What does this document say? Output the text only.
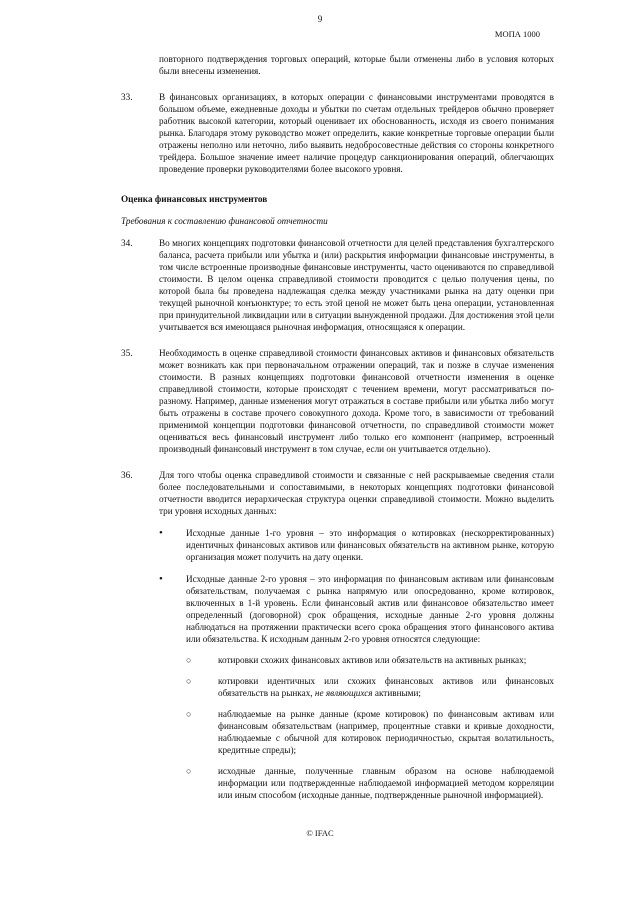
9
МОПА 1000

повторного подтверждения торговых операций, которые были отменены либо в условия которых были внесены изменения.

33.	В финансовых организациях, в которых операции с финансовыми инструментами проводятся в большом объеме, ежедневные доходы и убытки по счетам отдельных трейдеров обычно проверяет работник высокой категории, который оценивает их обоснованность, исходя из своего понимания рынка. Благодаря этому руководство может определить, какие конкретные торговые операции были отражены неполно или неточно, либо выявить недобросовестные действия со стороны конкретного трейдера. Большое значение имеет наличие процедур санкционирования операций, облегчающих проведение проверки руководителями более высокого уровня.
Оценка финансовых инструментов
Требования к составлению финансовой отчетности
34.	Во многих концепциях подготовки финансовой отчетности для целей представления бухгалтерского баланса, расчета прибыли или убытка и (или) раскрытия информации финансовые инструменты, в том числе встроенные производные финансовые инструменты, часто оцениваются по справедливой стоимости. В целом оценка справедливой стоимости проводится с целью получения цены, по которой была бы проведена надлежащая сделка между участниками рынка на дату оценки при текущей рыночной конъюнктуре; то есть этой ценой не может быть цена операции, установленная при принудительной ликвидации или в ситуации вынужденной продажи. Для достижения этой цели учитывается вся имеющаяся рыночная информация, относящаяся к операции.
35.	Необходимость в оценке справедливой стоимости финансовых активов и финансовых обязательств может возникать как при первоначальном отражении операций, так и позже в случае изменения стоимости. В разных концепциях подготовки финансовой отчетности изменения в оценке справедливой стоимости, которые происходят с течением времени, могут рассматриваться по-разному. Например, данные изменения могут отражаться в составе прибыли или убытка либо могут быть отражены в составе прочего совокупного дохода. Кроме того, в зависимости от требований применимой концепции подготовки финансовой отчетности, по справедливой стоимости может оцениваться весь финансовый инструмент либо только его компонент (например, встроенный производный финансовый инструмент в том случае, если он учитывается отдельно).
36.	Для того чтобы оценка справедливой стоимости и связанные с ней раскрываемые сведения стали более последовательными и сопоставимыми, в некоторых концепциях подготовки финансовой отчетности вводится иерархическая структура оценки справедливой стоимости. Можно выделить три уровня исходных данных:
•	Исходные данные 1-го уровня – это информация о котировках (нескорректированных) идентичных финансовых активов или финансовых обязательств на активном рынке, которую организация может получить на дату оценки.
•	Исходные данные 2-го уровня – это информация по финансовым активам или финансовым обязательствам, получаемая с рынка напрямую или опосредованно, кроме котировок, включенных в 1-й уровень. Если финансовый актив или финансовое обязательство имеет определенный (договорной) срок обращения, исходные данные 2-го уровня должны наблюдаться на протяжении практически всего срока обращения этого финансового актива или обязательства. К исходным данным 2-го уровня относятся следующие:
○	котировки схожих финансовых активов или обязательств на активных рынках;
○	котировки идентичных или схожих финансовых активов или финансовых обязательств на рынках, не являющихся активными;
○	наблюдаемые на рынке данные (кроме котировок) по финансовым активам или финансовым обязательствам (например, процентные ставки и кривые доходности, наблюдаемые с обычной для котировок периодичностью, скрытая волатильность, кредитные спреды);
○	исходные данные, полученные главным образом на основе наблюдаемой информации или подтвержденные наблюдаемой информацией методом корреляции или иным способом (исходные данные, подтвержденные рыночной информацией).
© IFAC
